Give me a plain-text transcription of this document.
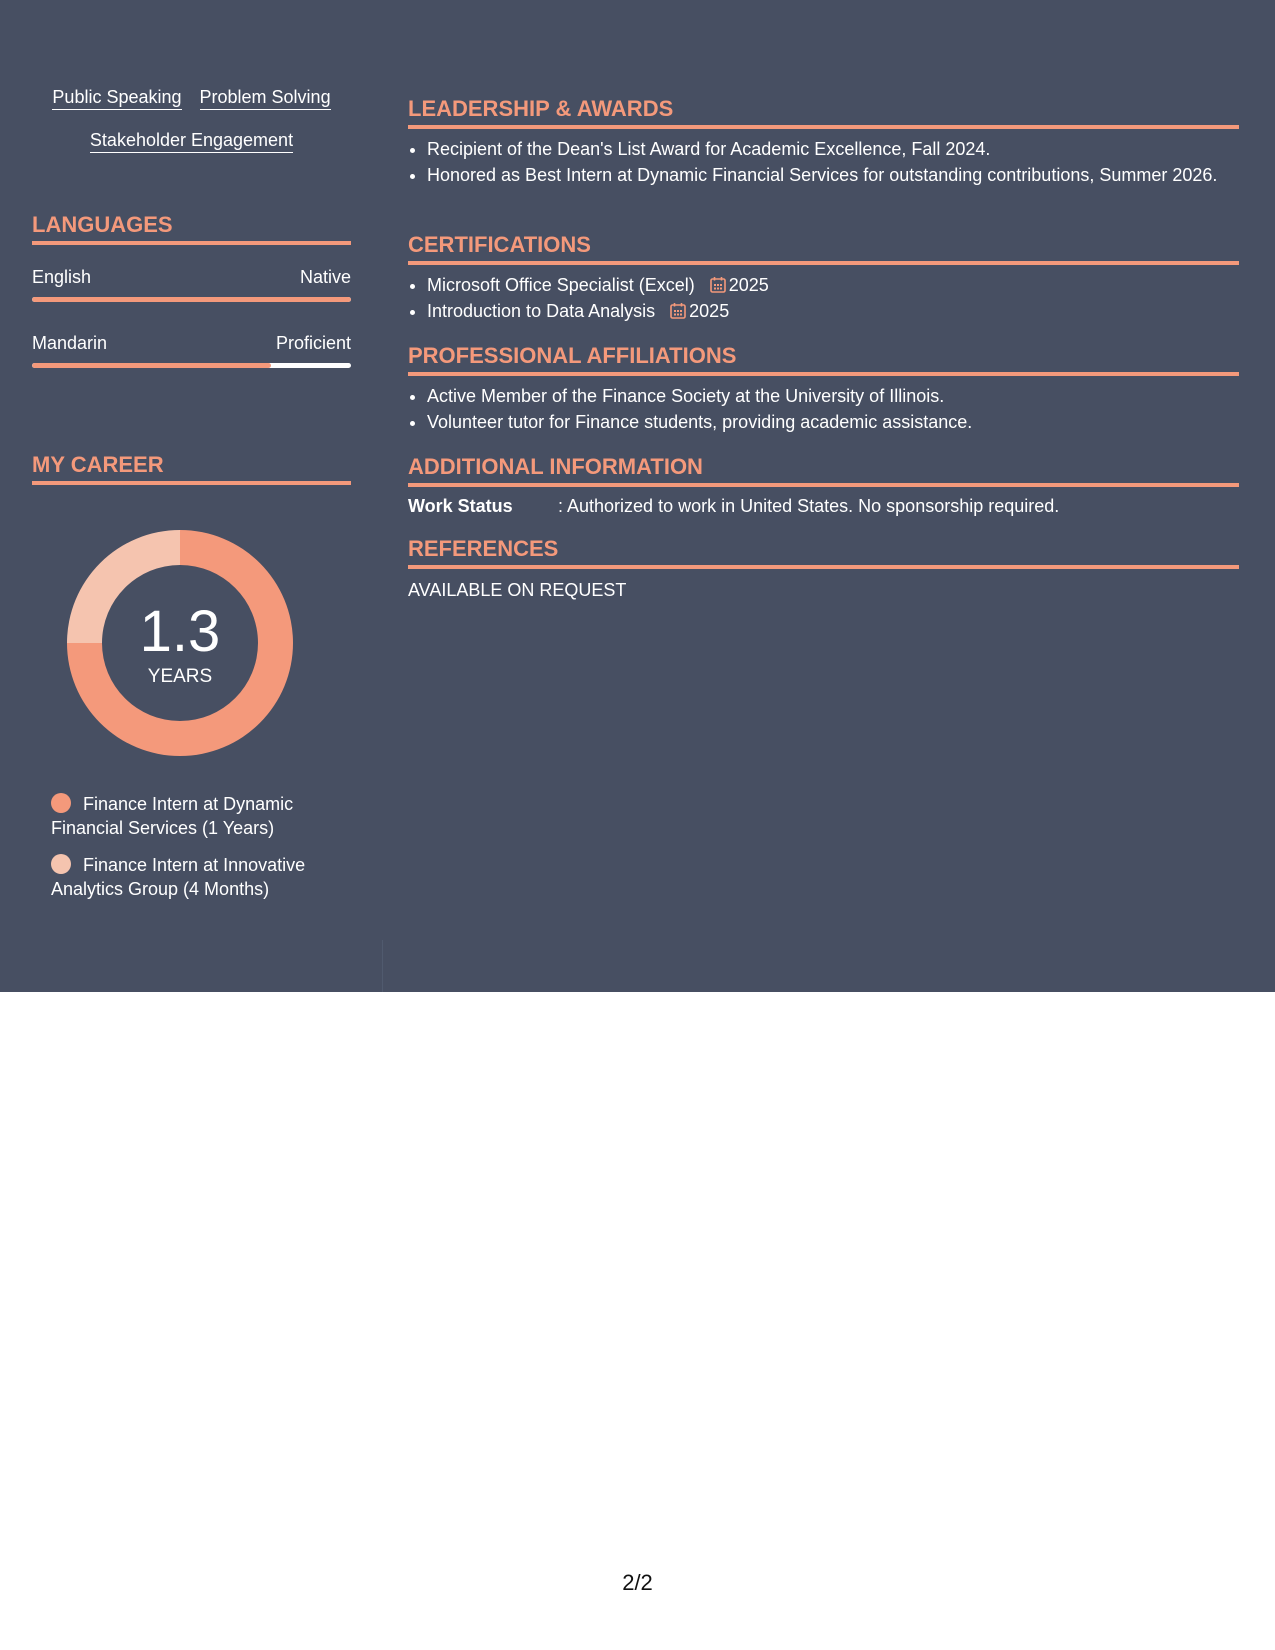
Public Speaking Problem Solving
Stakeholder Engagement
LANGUAGES
English	Native
Mandarin	Proficient
MY CAREER
1.3
YEARS
Finance Intern at Dynamic Financial Services (1 Years)
Finance Intern at Innovative Analytics Group (4 Months)
LEADERSHIP & AWARDS
• Recipient of the Dean's List Award for Academic Excellence, Fall 2024.
• Honored as Best Intern at Dynamic Financial Services for outstanding contributions, Summer 2026.
CERTIFICATIONS
• Microsoft Office Specialist (Excel) 2025
• Introduction to Data Analysis 2025
PROFESSIONAL AFFILIATIONS
• Active Member of the Finance Society at the University of Illinois.
• Volunteer tutor for Finance students, providing academic assistance.
ADDITIONAL INFORMATION
Work Status	: Authorized to work in United States. No sponsorship required.
REFERENCES
AVAILABLE ON REQUEST
2/2
